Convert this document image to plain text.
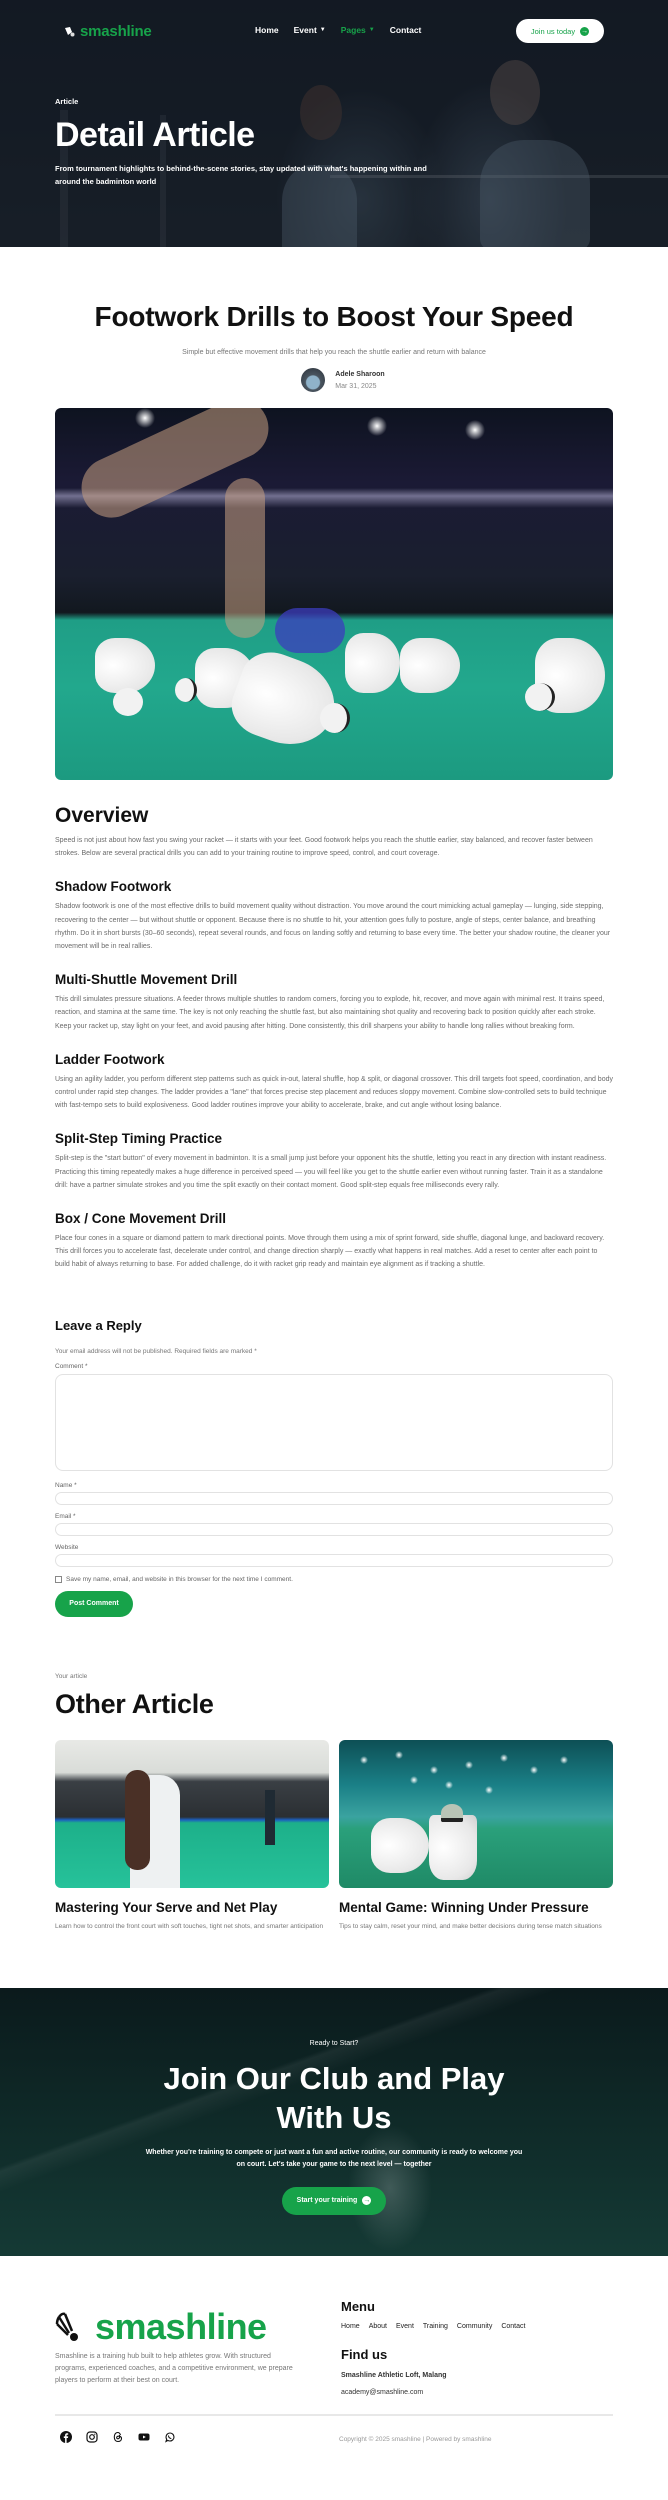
smashline	Home Event ▼ Pages ▼ Contact	Join us today →
Article
Detail Article

From tournament highlights to behind-the-scene stories, stay updated with what's happening within and around the badminton world

Footwork Drills to Boost Your Speed

Simple but effective movement drills that help you reach the shuttle earlier and return with balance

Adele Sharoon
Mar 31, 2025
Overview

Speed is not just about how fast you swing your racket — it starts with your feet. Good footwork helps you reach the shuttle earlier, stay balanced, and recover faster between strokes. Below are several practical drills you can add to your training routine to improve speed, control, and court coverage.

Shadow Footwork

Shadow footwork is one of the most effective drills to build movement quality without distraction. You move around the court mimicking actual gameplay — lunging, side stepping, recovering to the center — but without shuttle or opponent. Because there is no shuttle to hit, your attention goes fully to posture, angle of steps, center balance, and breathing rhythm. Do it in short bursts (30–60 seconds), repeat several rounds, and focus on landing softly and returning to base every time. The better your shadow routine, the cleaner your movement will be in real rallies.

Multi-Shuttle Movement Drill

This drill simulates pressure situations. A feeder throws multiple shuttles to random corners, forcing you to explode, hit, recover, and move again with minimal rest. It trains speed, reaction, and stamina at the same time. The key is not only reaching the shuttle fast, but also maintaining shot quality and recovering back to position quickly after each stroke. Keep your racket up, stay light on your feet, and avoid pausing after hitting. Done consistently, this drill sharpens your ability to handle long rallies without breaking form.

Ladder Footwork

Using an agility ladder, you perform different step patterns such as quick in-out, lateral shuffle, hop & split, or diagonal crossover. This drill targets foot speed, coordination, and body control under rapid step changes. The ladder provides a "lane" that forces precise step placement and reduces sloppy movement. Combine slow-controlled sets to build technique with fast-tempo sets to build explosiveness. Good ladder routines improve your ability to accelerate, brake, and cut angle without losing balance.

Split-Step Timing Practice

Split-step is the "start button" of every movement in badminton. It is a small jump just before your opponent hits the shuttle, letting you react in any direction with instant readiness. Practicing this timing repeatedly makes a huge difference in perceived speed — you will feel like you get to the shuttle earlier even without running faster. Train it as a standalone drill: have a partner simulate strokes and you time the split exactly on their contact moment. Good split-step equals free milliseconds every rally.

Box / Cone Movement Drill

Place four cones in a square or diamond pattern to mark directional points. Move through them using a mix of sprint forward, side shuffle, diagonal lunge, and backward recovery. This drill forces you to accelerate fast, decelerate under control, and change direction sharply — exactly what happens in real matches. Add a reset to center after each point to build habit of always returning to base. For added challenge, do it with racket grip ready and maintain eye alignment as if tracking a shuttle.

Leave a Reply

Your email address will not be published. Required fields are marked *

Comment *
Name *
Email *
Website
Save my name, email, and website in this browser for the next time I comment.
Post Comment
Your article
Other Article
Mastering Your Serve and Net Play

Learn how to control the front court with soft touches, tight net shots, and smarter anticipation

Mental Game: Winning Under Pressure

Tips to stay calm, reset your mind, and make better decisions during tense match situations

Ready to Start?
Join Our Club and Play
With Us

Whether you're training to compete or just want a fun and active routine, our community is ready to welcome you on court. Let's take your game to the next level — together

Start your training →
smashline

Smashline is a training hub built to help athletes grow. With structured programs, experienced coaches, and a competitive environment, we prepare players to perform at their best on court.

Menu
Home About Event Training Community Contact
Find us
Smashline Athletic Loft, Malang
academy@smashline.com
Copyright © 2025 smashline | Powered by smashline
